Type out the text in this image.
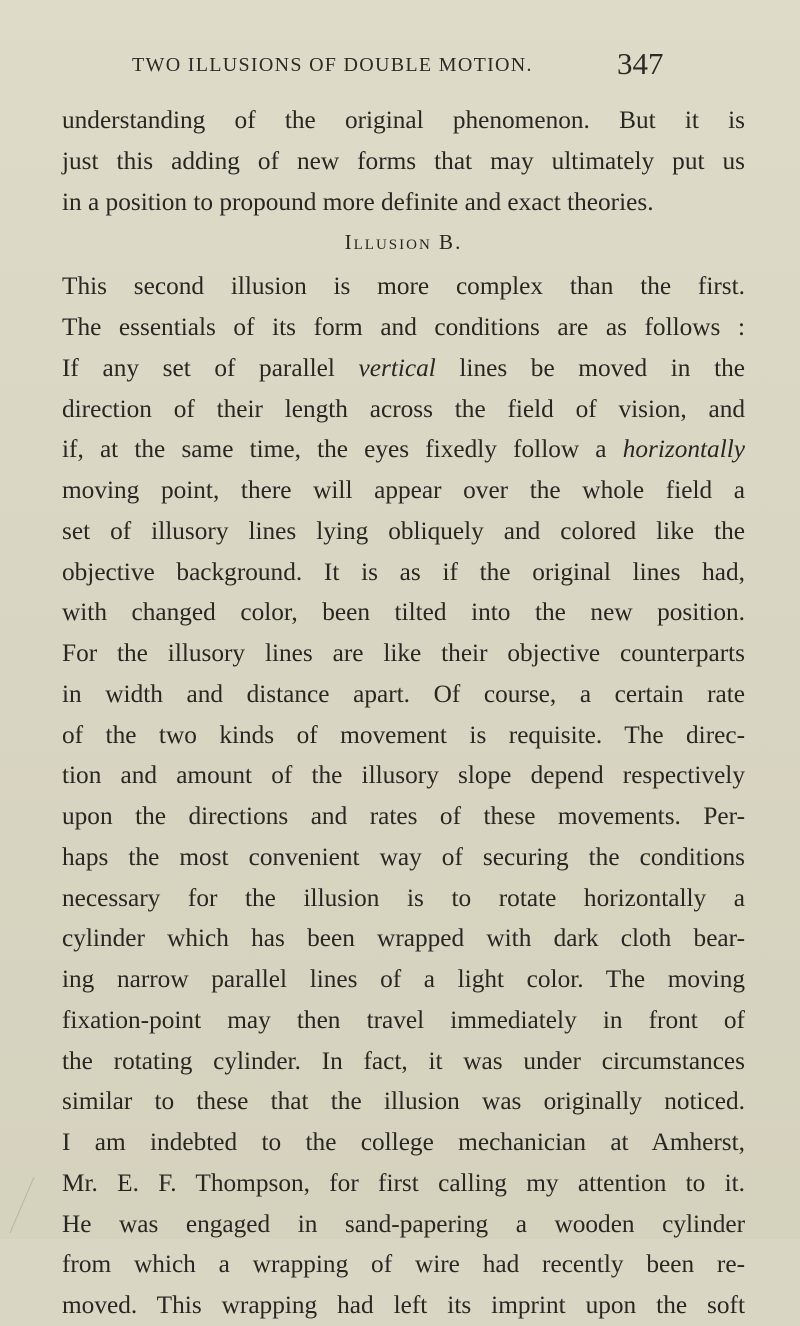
TWO ILLUSIONS OF DOUBLE MOTION.	347
understanding of the original phenomenon. But it is
just this adding of new forms that may ultimately put us
in a position to propound more definite and exact theories.
Illusion B.
This second illusion is more complex than the first.
The essentials of its form and conditions are as follows :
If any set of parallel vertical lines be moved in the
direction of their length across the field of vision, and
if, at the same time, the eyes fixedly follow a horizontally
moving point, there will appear over the whole field a
set of illusory lines lying obliquely and colored like the
objective background. It is as if the original lines had,
with changed color, been tilted into the new position.
For the illusory lines are like their objective counterparts
in width and distance apart. Of course, a certain rate
of the two kinds of movement is requisite. The direc-
tion and amount of the illusory slope depend respectively
upon the directions and rates of these movements. Per-
haps the most convenient way of securing the conditions
necessary for the illusion is to rotate horizontally a
cylinder which has been wrapped with dark cloth bear-
ing narrow parallel lines of a light color. The moving
fixation-point may then travel immediately in front of
the rotating cylinder. In fact, it was under circumstances
similar to these that the illusion was originally noticed.
I am indebted to the college mechanician at Amherst,
Mr. E. F. Thompson, for first calling my attention to it.
He was engaged in sand-papering a wooden cylinder
from which a wrapping of wire had recently been re-
moved. This wrapping had left its imprint upon the soft
